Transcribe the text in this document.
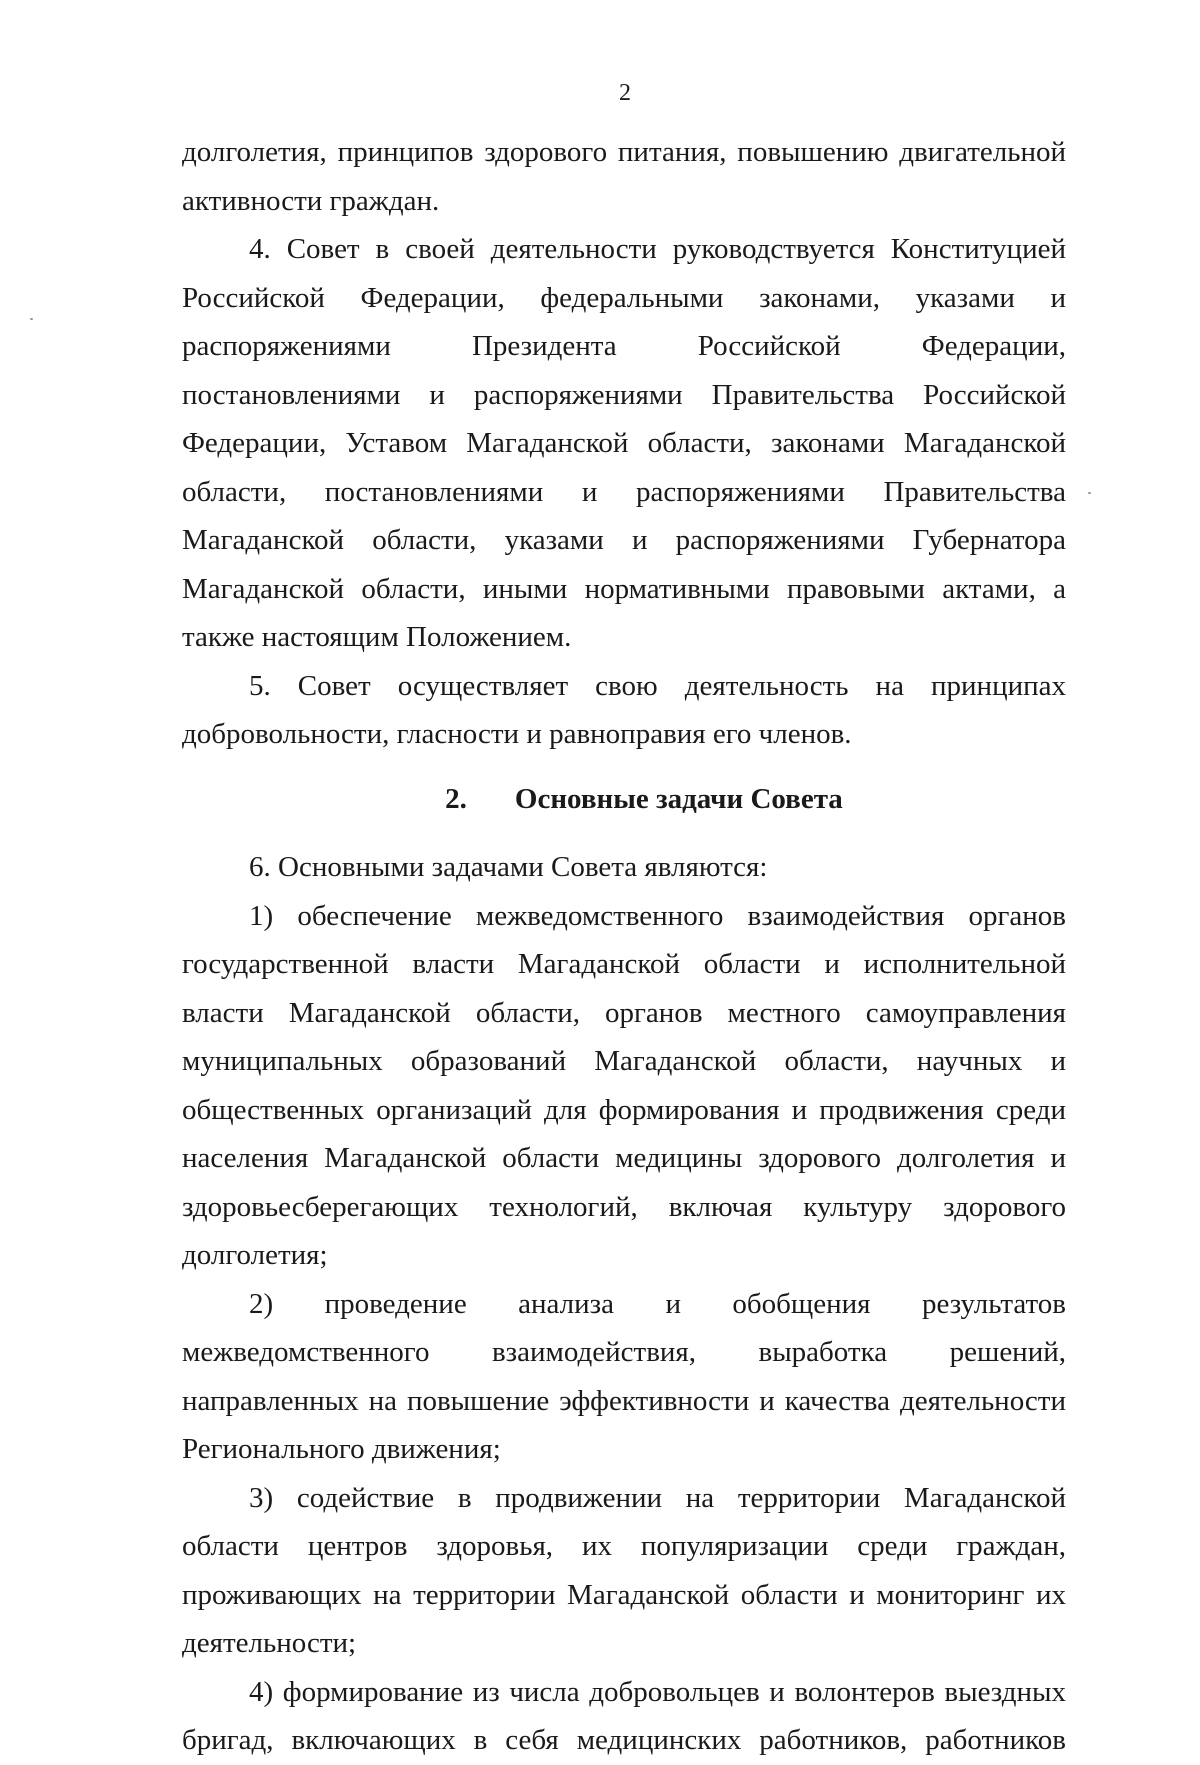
2

долголетия, принципов здорового питания, повышению двигательной активности граждан.

4. Совет в своей деятельности руководствуется Конституцией Российской Федерации, федеральными законами, указами и распоряжениями Президента Российской Федерации, постановлениями и распоряжениями Правительства Российской Федерации, Уставом Магаданской области, законами Магаданской области, постановлениями и распоряжениями Правительства Магаданской области, указами и распоряжениями Губернатора Магаданской области, иными нормативными правовыми актами, а также настоящим Положением.

5. Совет осуществляет свою деятельность на принципах добровольности, гласности и равноправия его членов.

2. Основные задачи Совета

6. Основными задачами Совета являются:

1) обеспечение межведомственного взаимодействия органов государственной власти Магаданской области и исполнительной власти Магаданской области, органов местного самоуправления муниципальных образований Магаданской области, научных и общественных организаций для формирования и продвижения среди населения Магаданской области медицины здорового долголетия и здоровьесберегающих технологий, включая культуру здорового долголетия;

2) проведение анализа и обобщения результатов межведомственного взаимодействия, выработка решений, направленных на повышение эффективности и качества деятельности Регионального движения;

3) содействие в продвижении на территории Магаданской области центров здоровья, их популяризации среди граждан, проживающих на территории Магаданской области и мониторинг их деятельности;

4) формирование из числа добровольцев и волонтеров выездных бригад, включающих в себя медицинских работников, работников
